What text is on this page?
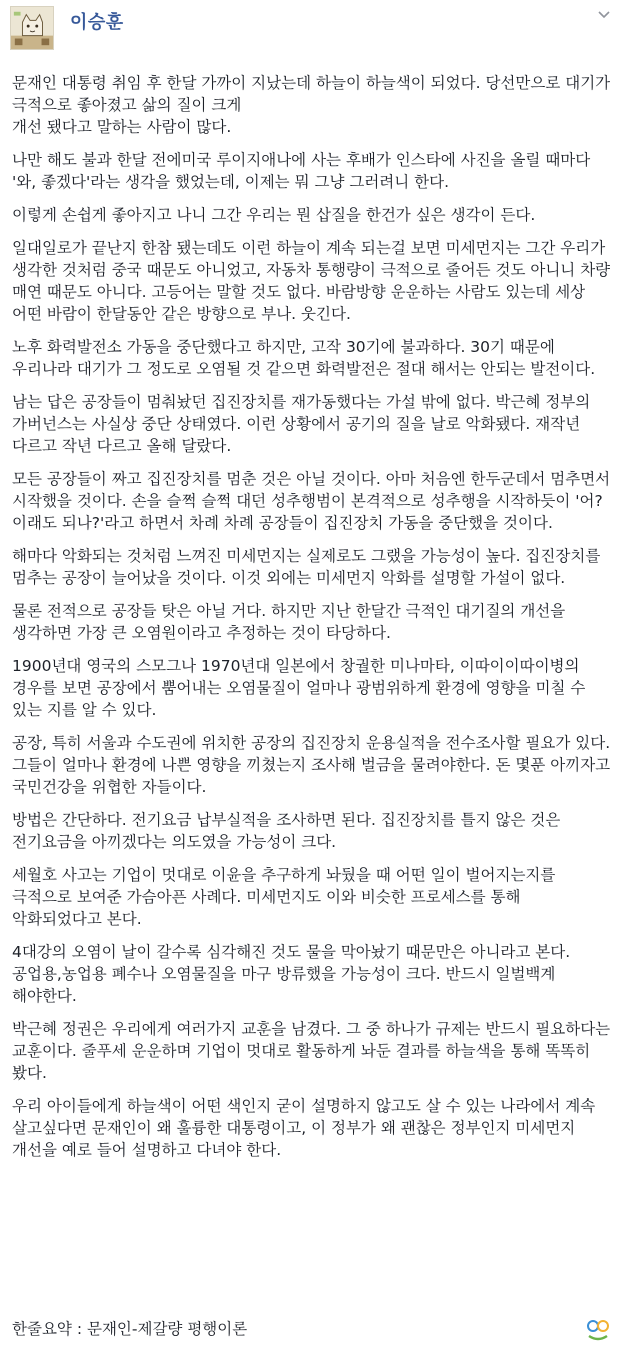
이승훈

문재인 대통령 취임 후 한달 가까이 지났는데 하늘이 하늘색이 되었다. 당선만으로 대기가 극적으로 좋아졌고 삶의 질이 크게
개선 됐다고 말하는 사람이 많다.

나만 해도 불과 한달 전에미국 루이지애나에 사는 후배가 인스타에 사진을 올릴 때마다 '와, 좋겠다'라는 생각을 했었는데, 이제는 뭐 그냥 그러려니 한다.

이렇게 손쉽게 좋아지고 나니 그간 우리는 뭔 삽질을 한건가 싶은 생각이 든다.

일대일로가 끝난지 한참 됐는데도 이런 하늘이 계속 되는걸 보면 미세먼지는 그간 우리가 생각한 것처럼 중국 때문도 아니었고, 자동차 통행량이 극적으로 줄어든 것도 아니니 차량 매연 때문도 아니다. 고등어는 말할 것도 없다. 바람방향 운운하는 사람도 있는데 세상 어떤 바람이 한달동안 같은 방향으로 부나. 웃긴다.

노후 화력발전소 가동을 중단했다고 하지만, 고작 30기에 불과하다. 30기 때문에 우리나라 대기가 그 정도로 오염될 것 같으면 화력발전은 절대 해서는 안되는 발전이다.

남는 답은 공장들이 멈춰놨던 집진장치를 재가동했다는 가설 밖에 없다. 박근혜 정부의 가버넌스는 사실상 중단 상태였다. 이런 상황에서 공기의 질을 날로 악화됐다. 재작년 다르고 작년 다르고 올해 달랐다.

모든 공장들이 짜고 집진장치를 멈춘 것은 아닐 것이다. 아마 처음엔 한두군데서 멈추면서 시작했을 것이다. 손을 슬쩍 슬쩍 대던 성추행범이 본격적으로 성추행을 시작하듯이 '어?이래도 되나?'라고 하면서 차례 차례 공장들이 집진장치 가동을 중단했을 것이다.

해마다 악화되는 것처럼 느껴진 미세먼지는 실제로도 그랬을 가능성이 높다. 집진장치를 멈추는 공장이 늘어났을 것이다. 이것 외에는 미세먼지 악화를 설명할 가설이 없다.

물론 전적으로 공장들 탓은 아닐 거다. 하지만 지난 한달간 극적인 대기질의 개선을 생각하면 가장 큰 오염원이라고 추정하는 것이 타당하다.

1900년대 영국의 스모그나 1970년대 일본에서 창궐한 미나마타, 이따이이따이병의 경우를 보면 공장에서 뿜어내는 오염물질이 얼마나 광범위하게 환경에 영향을 미칠 수 있는 지를 알 수 있다.

공장, 특히 서울과 수도권에 위치한 공장의 집진장치 운용실적을 전수조사할 필요가 있다. 그들이 얼마나 환경에 나쁜 영향을 끼쳤는지 조사해 벌금을 물려야한다. 돈 몇푼 아끼자고 국민건강을 위협한 자들이다.

방법은 간단하다. 전기요금 납부실적을 조사하면 된다. 집진장치를 틀지 않은 것은 전기요금을 아끼겠다는 의도였을 가능성이 크다.

세월호 사고는 기업이 멋대로 이윤을 추구하게 놔뒀을 때 어떤 일이 벌어지는지를 극적으로 보여준 가슴아픈 사례다. 미세먼지도 이와 비슷한 프로세스를 통해 악화되었다고 본다.

4대강의 오염이 날이 갈수록 심각해진 것도 물을 막아놨기 때문만은 아니라고 본다. 공업용,농업용 폐수나 오염물질을 마구 방류했을 가능성이 크다. 반드시 일벌백계 해야한다.

박근혜 정권은 우리에게 여러가지 교훈을 남겼다. 그 중 하나가 규제는 반드시 필요하다는 교훈이다. 줄푸세 운운하며 기업이 멋대로 활동하게 놔둔 결과를 하늘색을 통해 똑똑히 봤다.

우리 아이들에게 하늘색이 어떤 색인지 굳이 설명하지 않고도 살 수 있는 나라에서 계속 살고싶다면 문재인이 왜 훌륭한 대통령이고, 이 정부가 왜 괜찮은 정부인지 미세먼지 개선을 예로 들어 설명하고 다녀야 한다.

한줄요약 : 문재인-제갈량 평행이론
